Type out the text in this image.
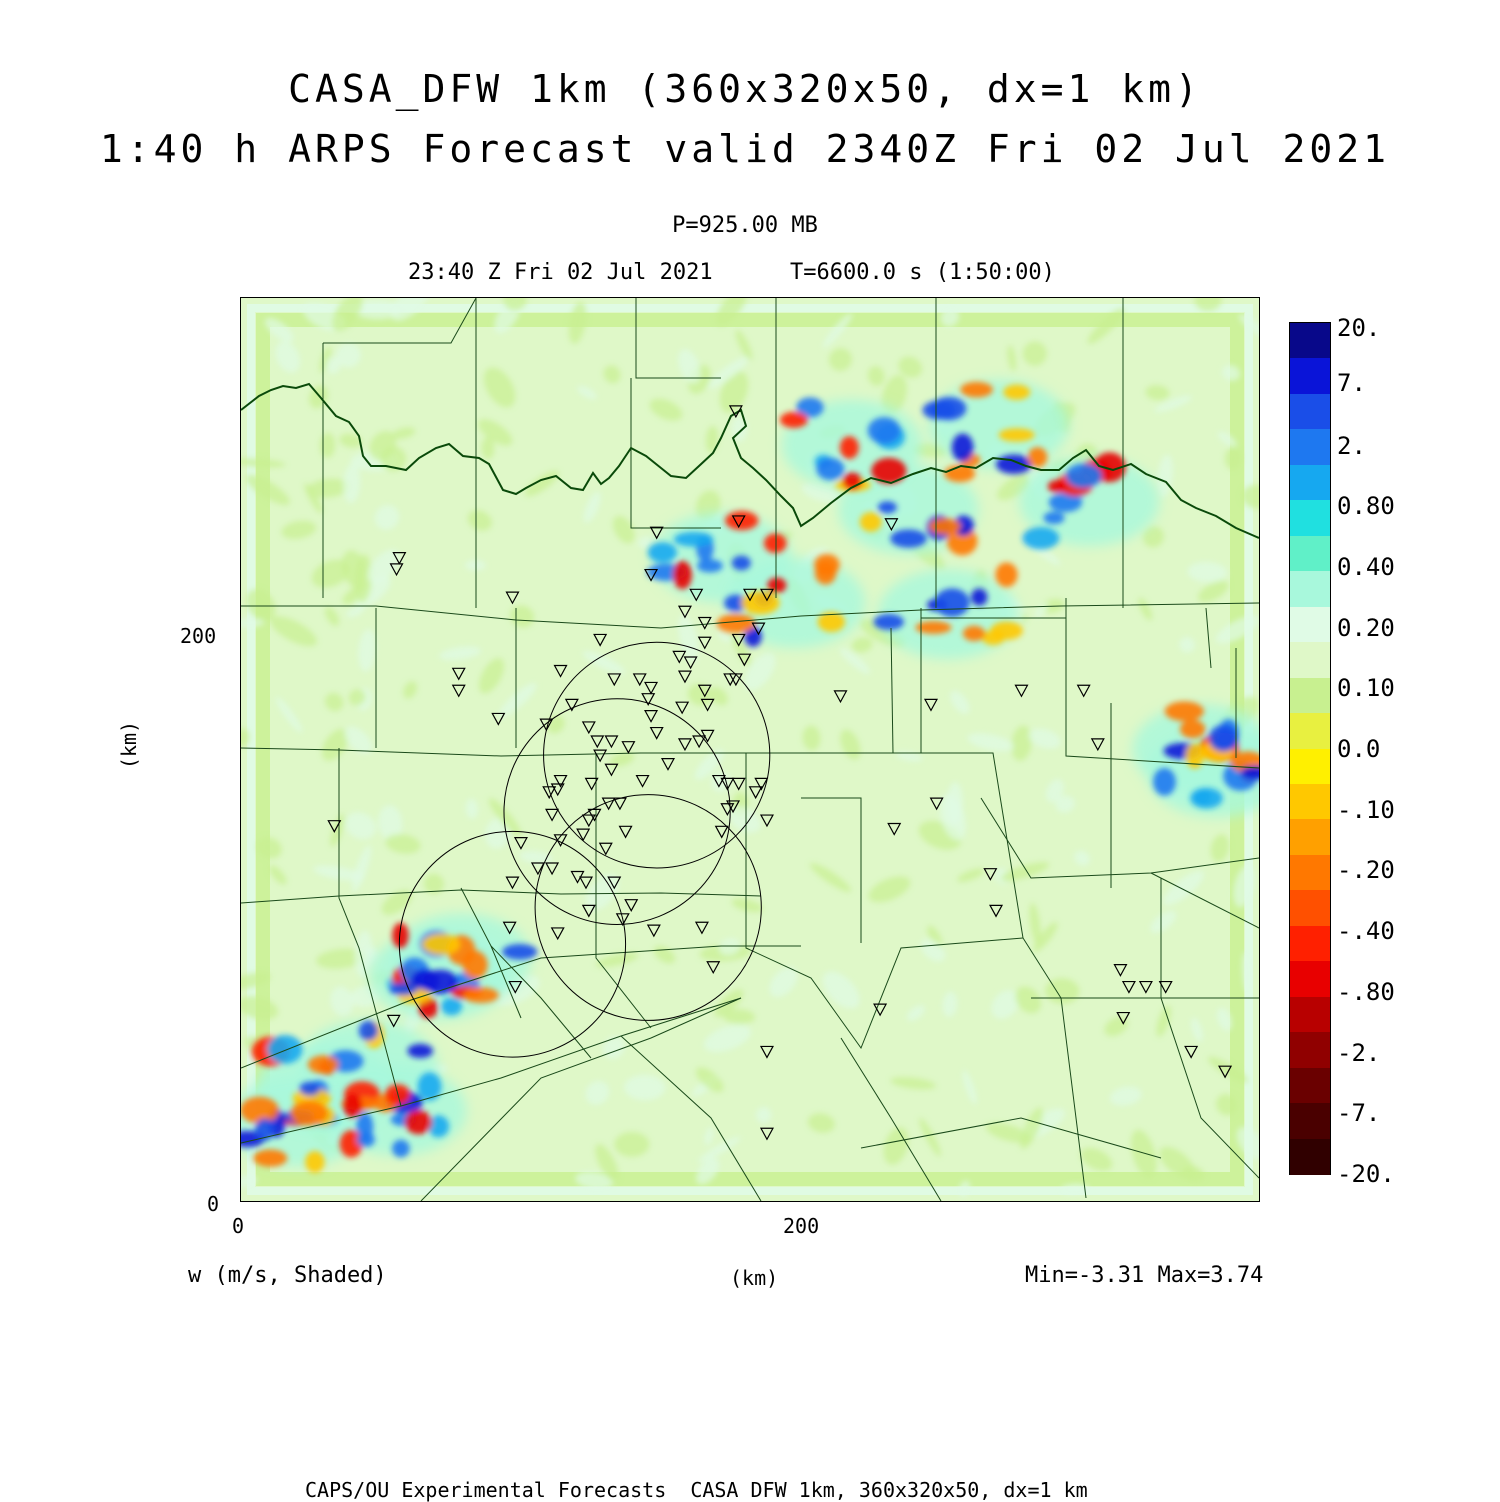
CASA_DFW 1km (360x320x50, dx=1 km)
1:40 h ARPS Forecast valid 2340Z Fri 02 Jul 2021
P=925.00 MB
23:40 Z Fri 02 Jul 2021	T=6600.0 s (1:50:00)
(km)
200
0
0	200
20.
7.
2.
0.80
0.40
0.20
0.10
0.0
-.10
-.20
-.40
-.80
-2.
-7.
-20.
w (m/s, Shaded)	(km)	Min=-3.31 Max=3.74
CAPS/OU Experimental Forecasts  CASA DFW 1km, 360x320x50, dx=1 km
